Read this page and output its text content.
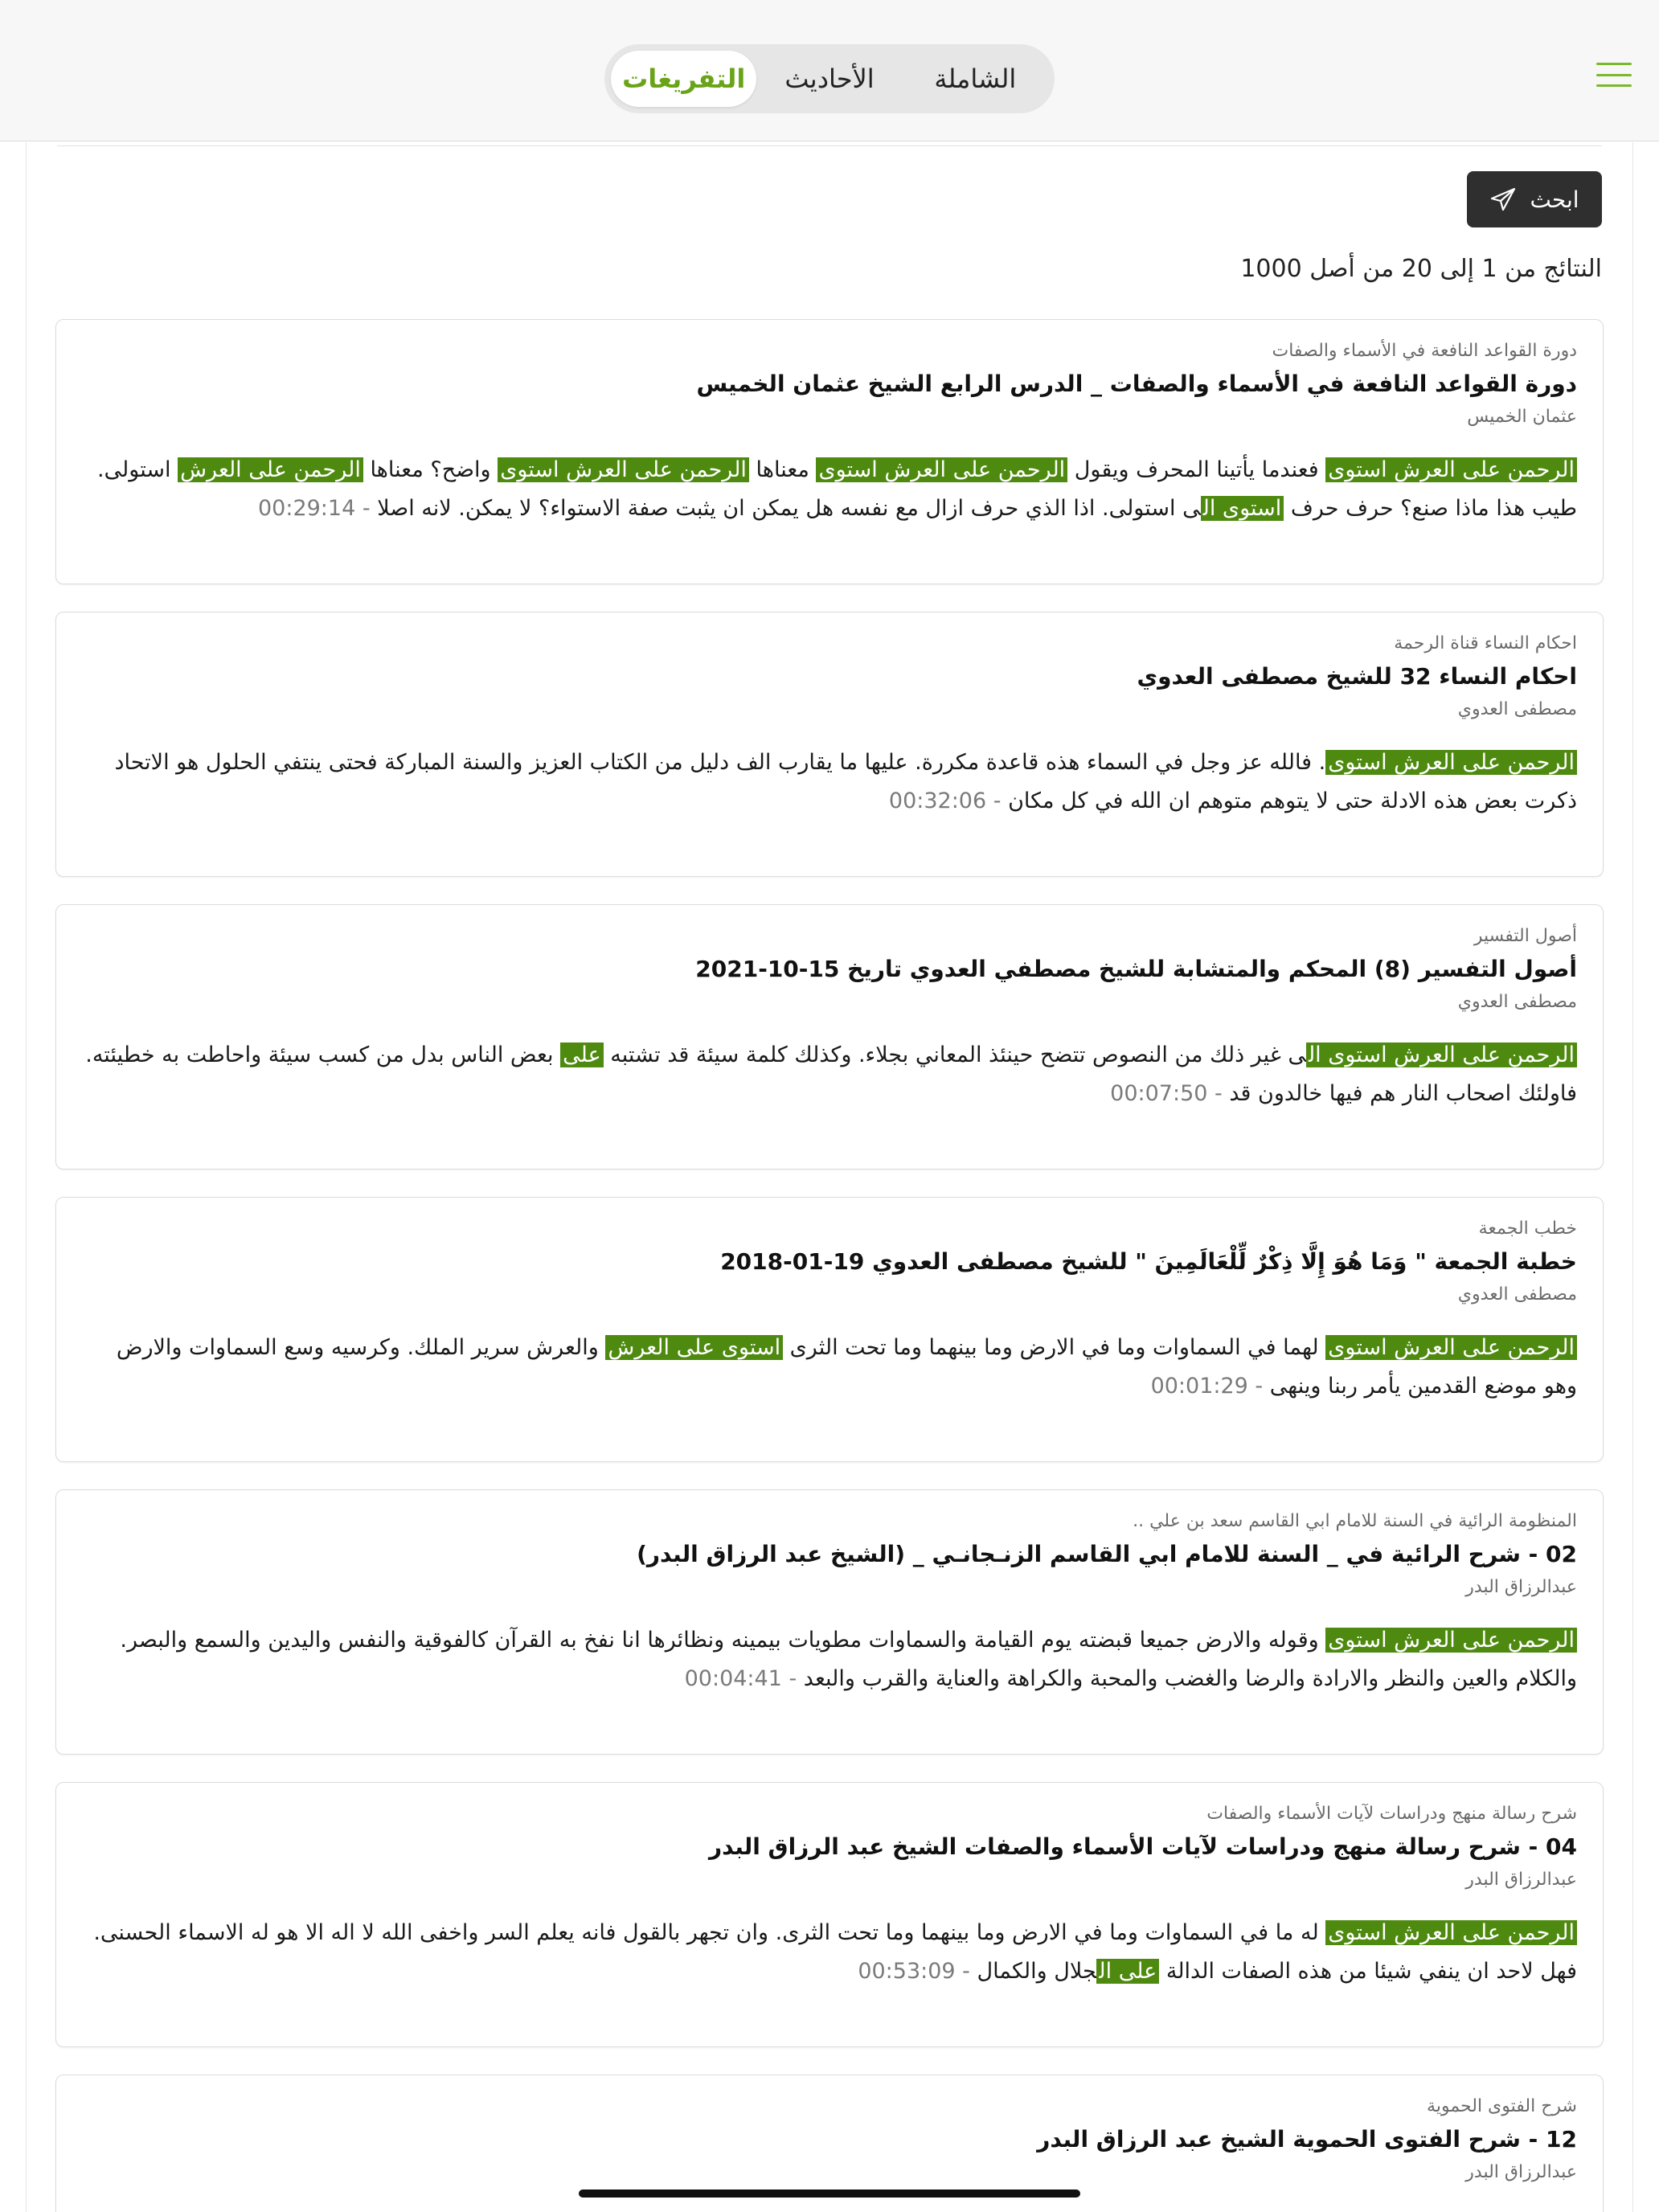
الشاملة
الأحاديث
التفريغات
ابحث
النتائج من 1 إلى 20 من أصل 1000
دورة القواعد النافعة في الأسماء والصفات
دورة القواعد النافعة في الأسماء والصفات _ الدرس الرابع الشيخ عثمان الخميس
عثمان الخميس
الرحمن على العرش استوى فعندما يأتينا المحرف ويقول الرحمن على العرش استوى معناها الرحمن على العرش استوى واضح؟ معناها الرحمن على العرش استولى. طيب هذا ماذا صنع؟ حرف حرف استوى الى استولى. اذا الذي حرف ازال مع نفسه هل يمكن ان يثبت صفة الاستواء؟ لا يمكن. لانه اصلا - 00:29:14
احكام النساء قناة الرحمة
احكام النساء 32 للشيخ مصطفى العدوي
مصطفى العدوي
الرحمن على العرش استوى. فالله عز وجل في السماء هذه قاعدة مكررة. عليها ما يقارب الف دليل من الكتاب العزيز والسنة المباركة فحتى ينتفي الحلول هو الاتحاد ذكرت بعض هذه الادلة حتى لا يتوهم متوهم ان الله في كل مكان - 00:32:06
أصول التفسير
أصول التفسير (8) المحكم والمتشابة للشيخ مصطفي العدوي تاريخ 15-10-2021
مصطفى العدوي
الرحمن على العرش استوى الى غير ذلك من النصوص تتضح حينئذ المعاني بجلاء. وكذلك كلمة سيئة قد تشتبه على بعض الناس بدل من كسب سيئة واحاطت به خطيئته. فاولئك اصحاب النار هم فيها خالدون قد - 00:07:50
خطب الجمعة
خطبة الجمعة " وَمَا هُوَ إِلَّا ذِكْرٌ لِّلْعَالَمِينَ " للشيخ مصطفى العدوي 19-01-2018
مصطفى العدوي
الرحمن على العرش استوى لهما في السماوات وما في الارض وما بينهما وما تحت الثرى استوى على العرش والعرش سرير الملك. وكرسيه وسع السماوات والارض وهو موضع القدمين يأمر ربنا وينهى - 00:01:29
المنظومة الرائية في السنة للامام ابي القاسم سعد بن علي ..
02 - شرح الرائية في _ السنة للامام ابي القاسم الزنـجانـي _ (الشيخ عبد الرزاق البدر)
عبدالرزاق البدر
الرحمن على العرش استوى وقوله والارض جميعا قبضته يوم القيامة والسماوات مطويات بيمينه ونظائرها انا نفخ به القرآن كالفوقية والنفس واليدين والسمع والبصر. والكلام والعين والنظر والارادة والرضا والغضب والمحبة والكراهة والعناية والقرب والبعد - 00:04:41
شرح رسالة منهج ودراسات لآيات الأسماء والصفات
04 - شرح رسالة منهج ودراسات لآيات الأسماء والصفات الشيخ عبد الرزاق البدر
عبدالرزاق البدر
الرحمن على العرش استوى له ما في السماوات وما في الارض وما بينهما وما تحت الثرى. وان تجهر بالقول فانه يعلم السر واخفى الله لا اله الا هو له الاسماء الحسنى. فهل لاحد ان ينفي شيئا من هذه الصفات الدالة على الجلال والكمال - 00:53:09
شرح الفتوى الحموية
12 - شرح الفتوى الحموية الشيخ عبد الرزاق البدر
عبدالرزاق البدر
